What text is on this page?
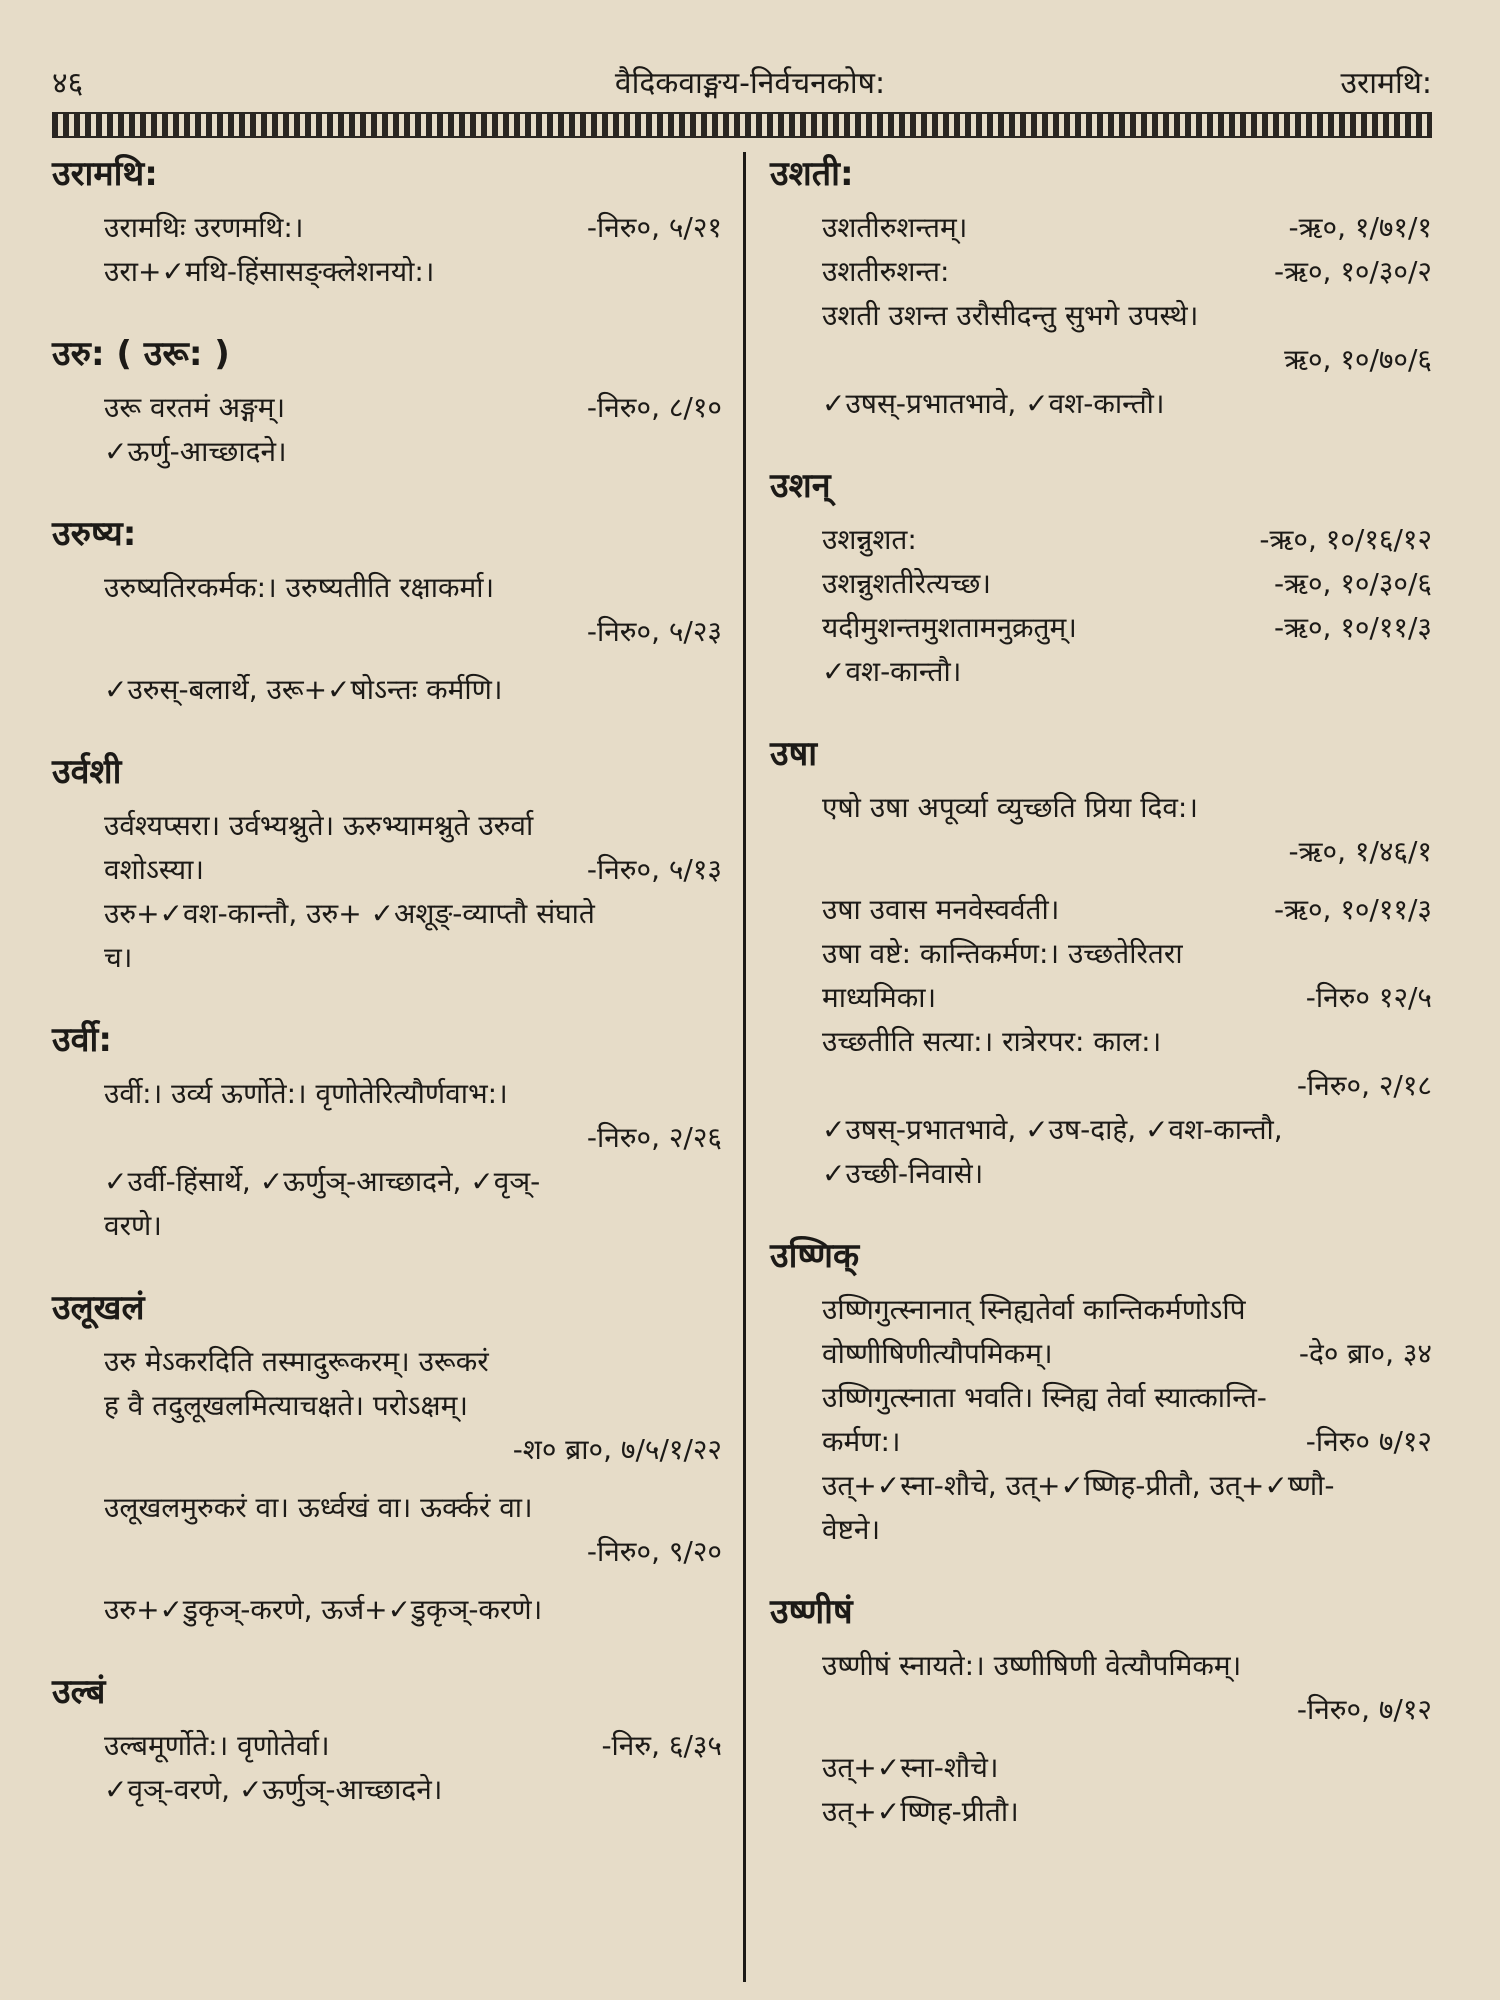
४६	वैदिकवाङ्मय-निर्वचनकोष:	उरामथि:
उरामथि:
उरामथिः उरणमथि:।	-निरु०, ५/२१
उरा+✓मथि-हिंसासङ्क्लेशनयो:।
उरु: ( उरू: )
उरू वरतमं अङ्गम्।	-निरु०, ८/१०
✓ऊर्णु-आच्छादने।
उरुष्य:
उरुष्यतिरकर्मक:। उरुष्यतीति रक्षाकर्मा।
-निरु०, ५/२३
✓उरुस्-बलार्थे, उरू+✓षोऽन्तः कर्मणि।
उर्वशी
उर्वश्यप्सरा। उर्वभ्यश्नुते। ऊरुभ्यामश्नुते उरुर्वा
वशोऽस्या।	-निरु०, ५/१३
उरु+✓वश-कान्तौ, उरु+ ✓अशूङ्-व्याप्तौ संघाते
च।
उर्वी:
उर्वी:। उर्व्य ऊर्णोते:। वृणोतेरित्यौर्णवाभ:।
-निरु०, २/२६
✓उर्वी-हिंसार्थे, ✓ऊर्णुञ्-आच्छादने, ✓वृञ्-
वरणे।
उलूखलं
उरु मेऽकरदिति तस्मादुरूकरम्। उरूकरं
ह वै तदुलूखलमित्याचक्षते। परोऽक्षम्।
-श० ब्रा०, ७/५/१/२२
उलूखलमुरुकरं वा। ऊर्ध्वखं वा। ऊर्क्करं वा।
-निरु०, ९/२०
उरु+✓डुकृञ्-करणे, ऊर्ज+✓डुकृञ्-करणे।
उल्बं
उल्बमूर्णोते:। वृणोतेर्वा।	-निरु, ६/३५
✓वृञ्-वरणे, ✓ऊर्णुञ्-आच्छादने।
उशती:
उशतीरुशन्तम्।	-ऋ०, १/७१/१
उशतीरुशन्त:	-ऋ०, १०/३०/२
उशती उशन्त उरौसीदन्तु सुभगे उपस्थे।
ऋ०, १०/७०/६
✓उषस्-प्रभातभावे, ✓वश-कान्तौ।
उशन्
उशन्नुशत:	-ऋ०, १०/१६/१२
उशन्नुशतीरेत्यच्छ।	-ऋ०, १०/३०/६
यदीमुशन्तमुशतामनुक्रतुम्।	-ऋ०, १०/११/३
✓वश-कान्तौ।
उषा
एषो उषा अपूर्व्या व्युच्छति प्रिया दिव:।
-ऋ०, १/४६/१
उषा उवास मनवेस्वर्वती।	-ऋ०, १०/११/३
उषा वष्टे: कान्तिकर्मण:। उच्छतेरितरा
माध्यमिका।	-निरु० १२/५
उच्छतीति सत्या:। रात्रेरपर: काल:।
-निरु०, २/१८
✓उषस्-प्रभातभावे, ✓उष-दाहे, ✓वश-कान्तौ,
✓उच्छी-निवासे।
उष्णिक्
उष्णिगुत्स्नानात् स्निह्यतेर्वा कान्तिकर्मणोऽपि
वोष्णीषिणीत्यौपमिकम्।	-दे० ब्रा०, ३४
उष्णिगुत्स्नाता भवति। स्निह्य तेर्वा स्यात्कान्ति-
कर्मण:।	-निरु० ७/१२
उत्+✓स्ना-शौचे, उत्+✓ष्णिह-प्रीतौ, उत्+✓ष्णौ-
वेष्टने।
उष्णीषं
उष्णीषं स्नायते:। उष्णीषिणी वेत्यौपमिकम्।
-निरु०, ७/१२
उत्+✓स्ना-शौचे।
उत्+✓ष्णिह-प्रीतौ।
